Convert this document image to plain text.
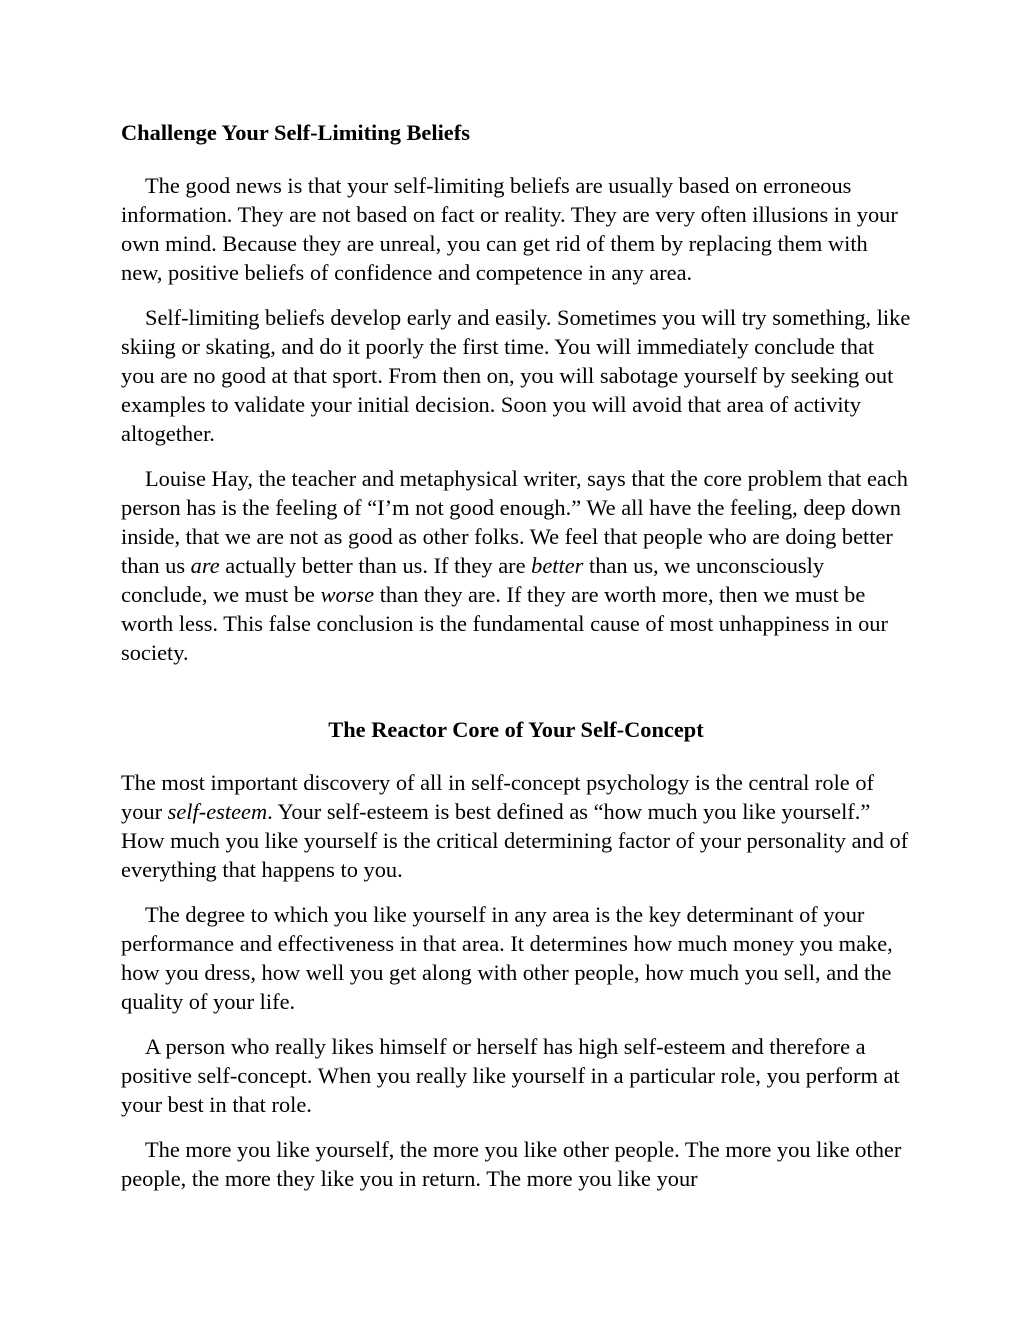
Challenge Your Self-Limiting Beliefs

The good news is that your self-limiting beliefs are usually based on erroneous information. They are not based on fact or reality. They are very often illusions in your own mind. Because they are unreal, you can get rid of them by replacing them with new, positive beliefs of confidence and competence in any area.

Self-limiting beliefs develop early and easily. Sometimes you will try something, like skiing or skating, and do it poorly the first time. You will immediately conclude that you are no good at that sport. From then on, you will sabotage yourself by seeking out examples to validate your initial decision. Soon you will avoid that area of activity altogether.

Louise Hay, the teacher and metaphysical writer, says that the core problem that each person has is the feeling of “I’m not good enough.” We all have the feeling, deep down inside, that we are not as good as other folks. We feel that people who are doing better than us are actually better than us. If they are better than us, we unconsciously conclude, we must be worse than they are. If they are worth more, then we must be worth less. This false conclusion is the fundamental cause of most unhappiness in our society.

The Reactor Core of Your Self-Concept

The most important discovery of all in self-concept psychology is the central role of your self-esteem. Your self-esteem is best defined as “how much you like yourself.” How much you like yourself is the critical determining factor of your personality and of everything that happens to you.

The degree to which you like yourself in any area is the key determinant of your performance and effectiveness in that area. It determines how much money you make, how you dress, how well you get along with other people, how much you sell, and the quality of your life.

A person who really likes himself or herself has high self-esteem and therefore a positive self-concept. When you really like yourself in a particular role, you perform at your best in that role.

The more you like yourself, the more you like other people. The more you like other people, the more they like you in return. The more you like your
